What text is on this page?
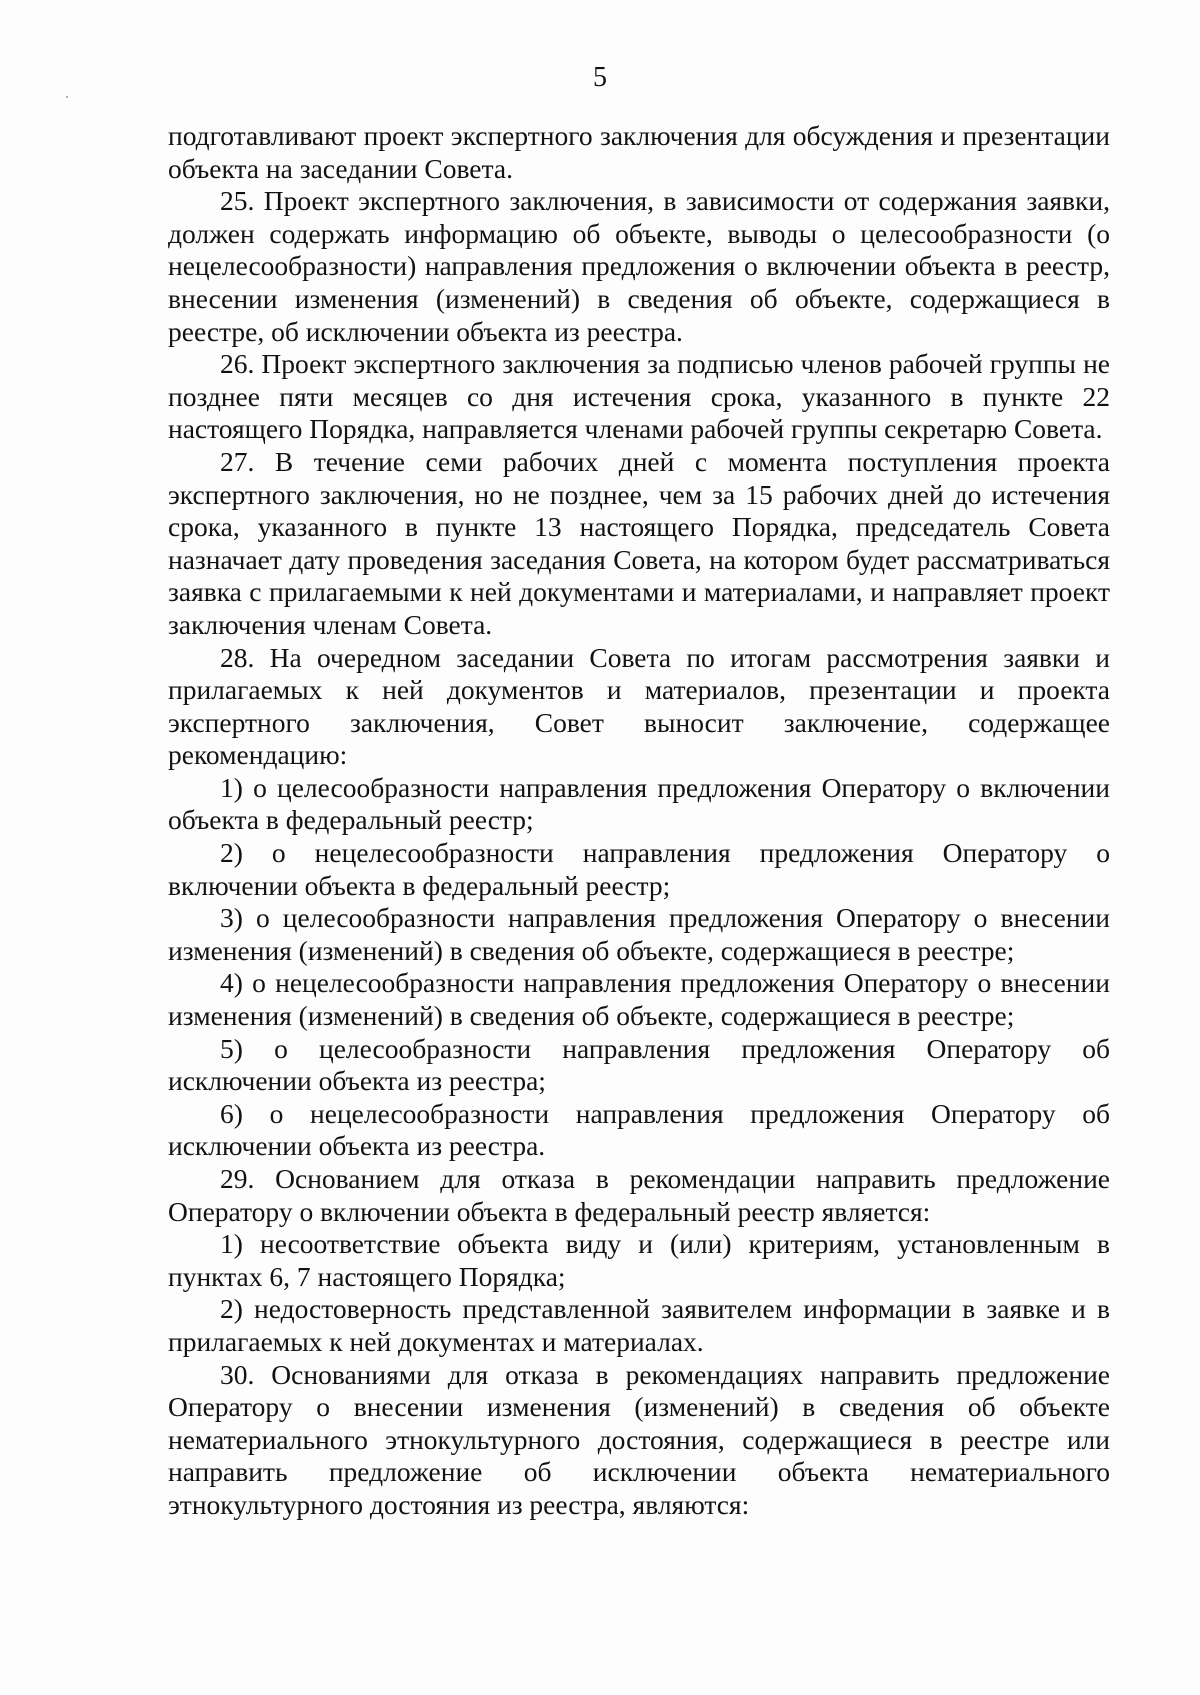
5

подготавливают проект экспертного заключения для обсуждения и презентации объекта на заседании Совета.

25. Проект экспертного заключения, в зависимости от содержания заявки, должен содержать информацию об объекте, выводы о целесообразности (о нецелесообразности) направления предложения о включении объекта в реестр, внесении изменения (изменений) в сведения об объекте, содержащиеся в реестре, об исключении объекта из реестра.

26. Проект экспертного заключения за подписью членов рабочей группы не позднее пяти месяцев со дня истечения срока, указанного в пункте 22 настоящего Порядка, направляется членами рабочей группы секретарю Совета.

27. В течение семи рабочих дней с момента поступления проекта экспертного заключения, но не позднее, чем за 15 рабочих дней до истечения срока, указанного в пункте 13 настоящего Порядка, председатель Совета назначает дату проведения заседания Совета, на котором будет рассматриваться заявка с прилагаемыми к ней документами и материалами, и направляет проект заключения членам Совета.

28. На очередном заседании Совета по итогам рассмотрения заявки и прилагаемых к ней документов и материалов, презентации и проекта экспертного заключения, Совет выносит заключение, содержащее рекомендацию:

1) о целесообразности направления предложения Оператору о включении объекта в федеральный реестр;

2) о нецелесообразности направления предложения Оператору о включении объекта в федеральный реестр;

3) о целесообразности направления предложения Оператору о внесении изменения (изменений) в сведения об объекте, содержащиеся в реестре;

4) о нецелесообразности направления предложения Оператору о внесении изменения (изменений) в сведения об объекте, содержащиеся в реестре;

5) о целесообразности направления предложения Оператору об исключении объекта из реестра;

6) о нецелесообразности направления предложения Оператору об исключении объекта из реестра.

29. Основанием для отказа в рекомендации направить предложение Оператору о включении объекта в федеральный реестр является:

1) несоответствие объекта виду и (или) критериям, установленным в пунктах 6, 7 настоящего Порядка;

2) недостоверность представленной заявителем информации в заявке и в прилагаемых к ней документах и материалах.

30. Основаниями для отказа в рекомендациях направить предложение Оператору о внесении изменения (изменений) в сведения об объекте нематериального этнокультурного достояния, содержащиеся в реестре или направить предложение об исключении объекта нематериального этнокультурного достояния из реестра, являются:
